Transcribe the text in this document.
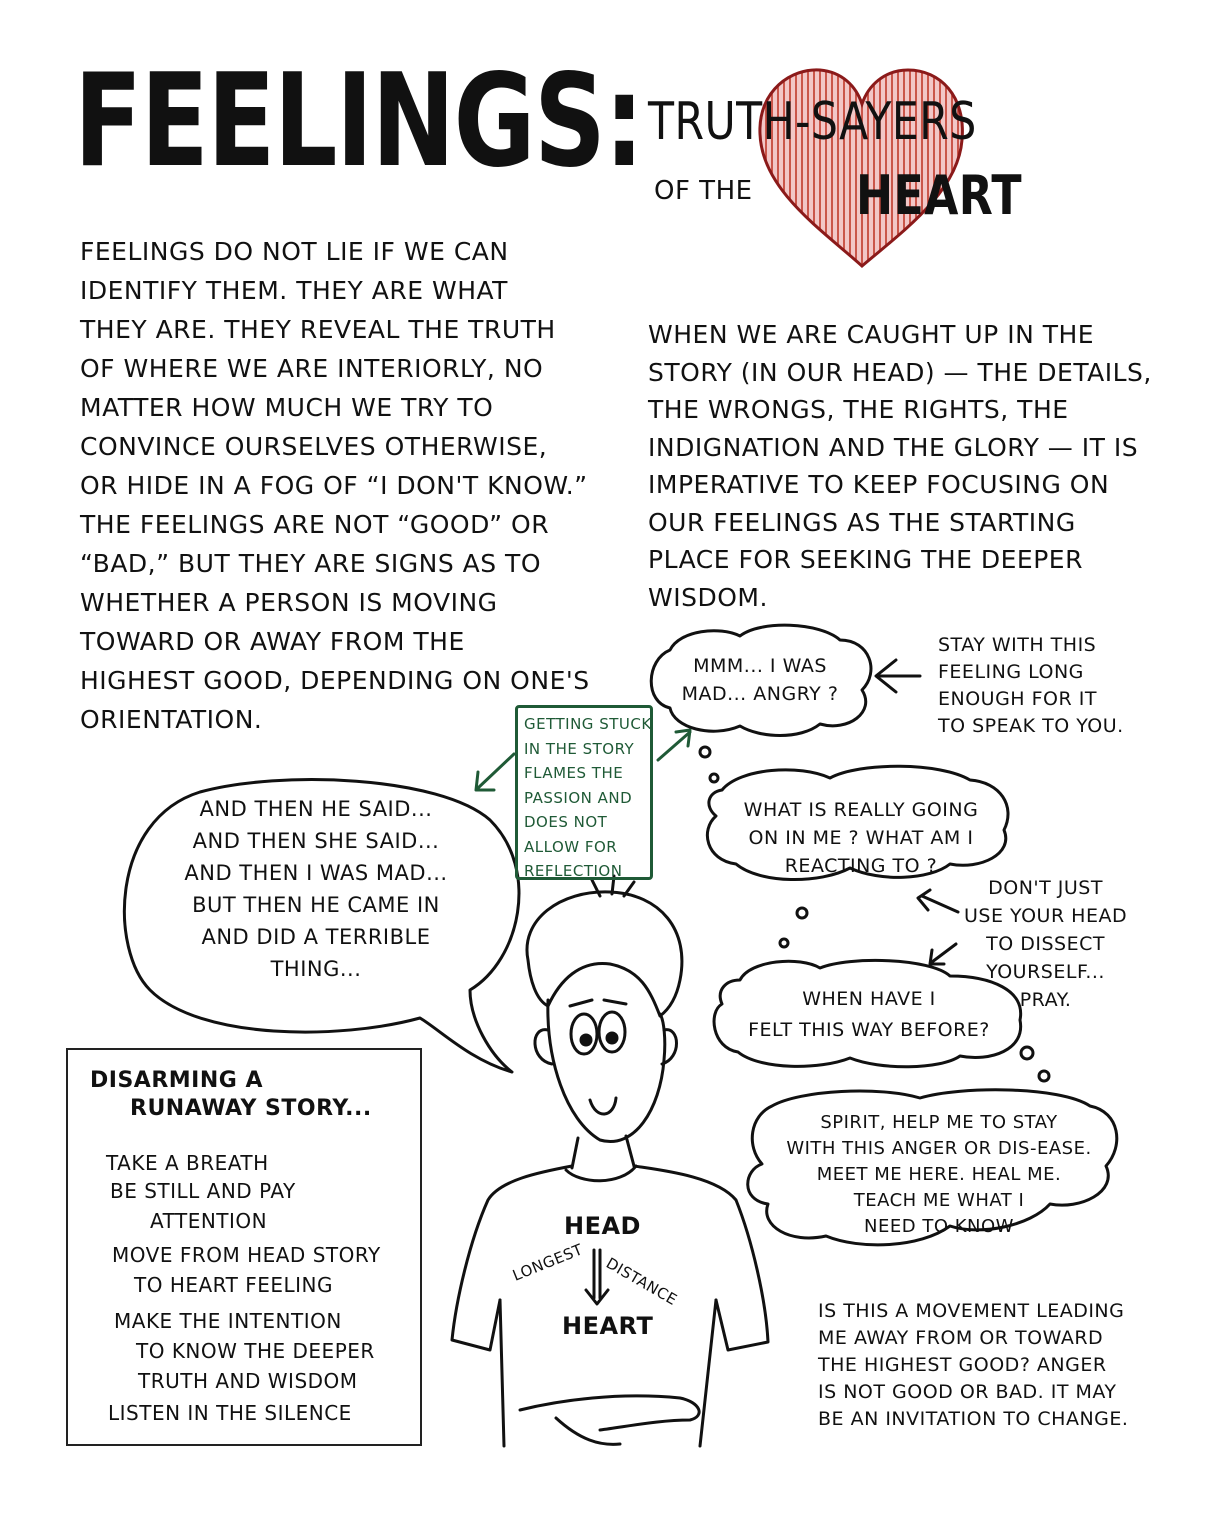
FEELINGS: TRUTH-SAYERS
OF THE HEART
FEELINGS DO NOT LIE IF WE CAN
IDENTIFY THEM. THEY ARE WHAT
THEY ARE. THEY REVEAL THE TRUTH
OF WHERE WE ARE INTERIORLY, NO
MATTER HOW MUCH WE TRY TO
CONVINCE OURSELVES OTHERWISE,
OR HIDE IN A FOG OF “I DON'T KNOW.”
THE FEELINGS ARE NOT “GOOD” OR
“BAD,” BUT THEY ARE SIGNS AS TO
WHETHER A PERSON IS MOVING
TOWARD OR AWAY FROM THE
HIGHEST GOOD, DEPENDING ON ONE'S
ORIENTATION.
WHEN WE ARE CAUGHT UP IN THE
STORY (IN OUR HEAD) — THE DETAILS,
THE WRONGS, THE RIGHTS, THE
INDIGNATION AND THE GLORY — IT IS
IMPERATIVE TO KEEP FOCUSING ON
OUR FEELINGS AS THE STARTING
PLACE FOR SEEKING THE DEEPER
WISDOM.
AND THEN HE SAID...
AND THEN SHE SAID...
AND THEN I WAS MAD...
BUT THEN HE CAME IN
AND DID A TERRIBLE
THING...
GETTING STUCK
IN THE STORY
FLAMES THE
PASSION AND
DOES NOT
ALLOW FOR
REFLECTION
MMM... I WAS
MAD... ANGRY ?
WHAT IS REALLY GOING
ON IN ME ? WHAT AM I
REACTING TO ?
WHEN HAVE I
FELT THIS WAY BEFORE?
SPIRIT, HELP ME TO STAY
WITH THIS ANGER OR DIS-EASE.
MEET ME HERE. HEAL ME.
TEACH ME WHAT I
NEED TO KNOW
STAY WITH THIS
FEELING LONG
ENOUGH FOR IT
TO SPEAK TO YOU.
DON'T JUST
USE YOUR HEAD
TO DISSECT
YOURSELF...
PRAY.
IS THIS A MOVEMENT LEADING
ME AWAY FROM OR TOWARD
THE HIGHEST GOOD? ANGER
IS NOT GOOD OR BAD. IT MAY
BE AN INVITATION TO CHANGE.
HEAD
LONGEST DISTANCE
HEART
DISARMING A
RUNAWAY STORY...
TAKE A BREATH
BE STILL AND PAY
ATTENTION
MOVE FROM HEAD STORY
TO HEART FEELING
MAKE THE INTENTION
TO KNOW THE DEEPER
TRUTH AND WISDOM
LISTEN IN THE SILENCE
